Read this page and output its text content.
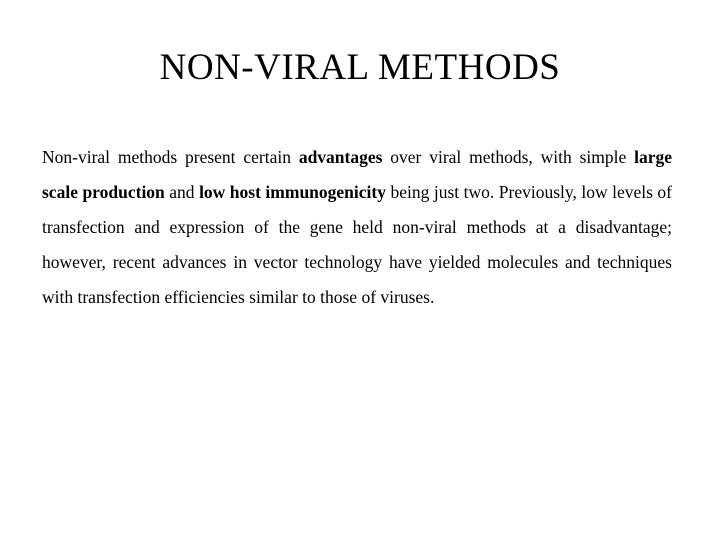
NON-VIRAL METHODS

Non-viral methods present certain advantages over viral methods, with simple large scale production and low host immunogenicity being just two. Previously, low levels of transfection and expression of the gene held non-viral methods at a disadvantage; however, recent advances in vector technology have yielded molecules and techniques with transfection efficiencies similar to those of viruses.
